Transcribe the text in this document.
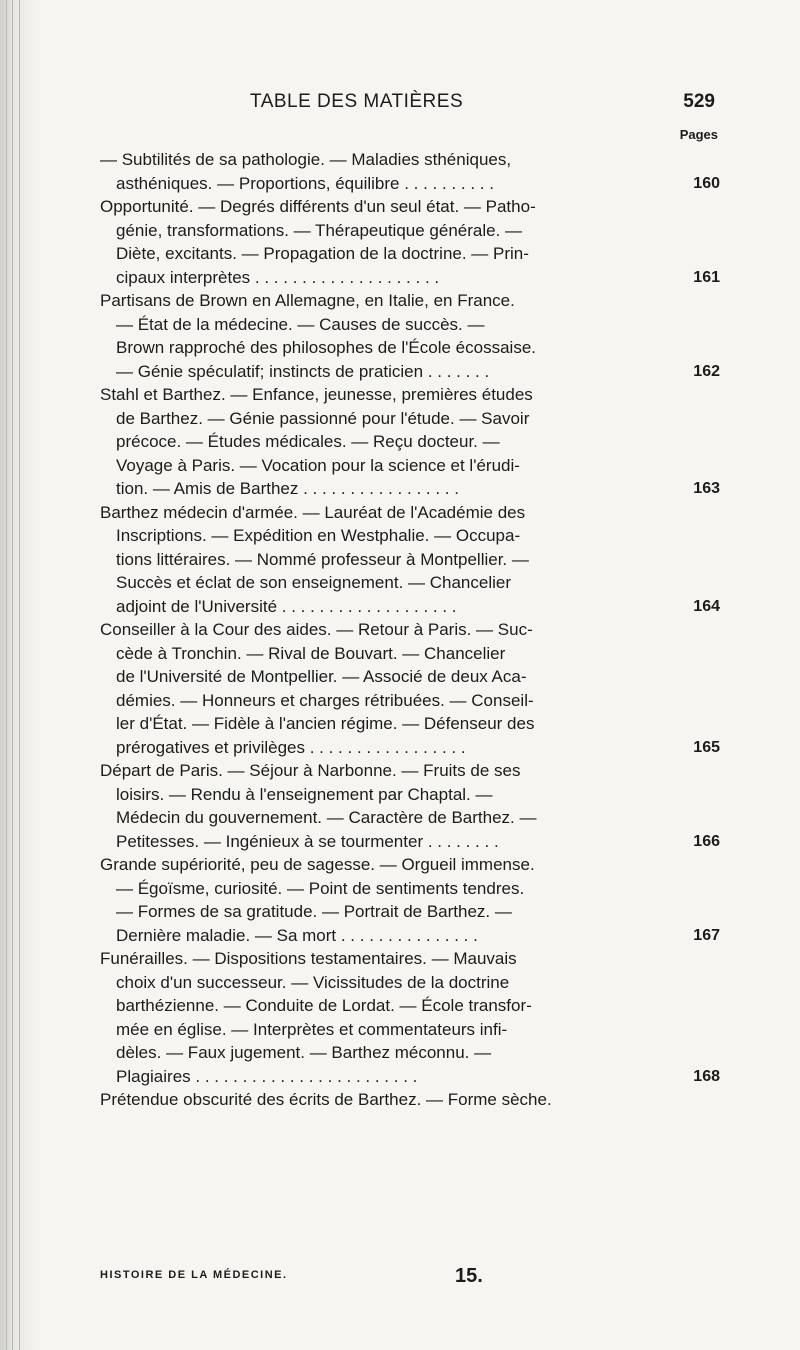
TABLE DES MATIÈRES	529
Pages
— Subtilités de sa pathologie. — Maladies sthéniques,
asthéniques. — Proportions, équilibre . . . . . . . . . .	160
Opportunité. — Degrés différents d'un seul état. — Patho-
génie, transformations. — Thérapeutique générale. —
Diète, excitants. — Propagation de la doctrine. — Prin-
cipaux interprètes . . . . . . . . . . . . . . . . . . . .	161
Partisans de Brown en Allemagne, en Italie, en France.
— État de la médecine. — Causes de succès. —
Brown rapproché des philosophes de l'École écossaise.
— Génie spéculatif; instincts de praticien . . . . . . .	162
Stahl et Barthez. — Enfance, jeunesse, premières études
de Barthez. — Génie passionné pour l'étude. — Savoir
précoce. — Études médicales. — Reçu docteur. —
Voyage à Paris. — Vocation pour la science et l'érudi-
tion. — Amis de Barthez . . . . . . . . . . . . . . . . .	163
Barthez médecin d'armée. — Lauréat de l'Académie des
Inscriptions. — Expédition en Westphalie. — Occupa-
tions littéraires. — Nommé professeur à Montpellier. —
Succès et éclat de son enseignement. — Chancelier
adjoint de l'Université . . . . . . . . . . . . . . . . . . .	164
Conseiller à la Cour des aides. — Retour à Paris. — Suc-
cède à Tronchin. — Rival de Bouvart. — Chancelier
de l'Université de Montpellier. — Associé de deux Aca-
démies. — Honneurs et charges rétribuées. — Conseil-
ler d'État. — Fidèle à l'ancien régime. — Défenseur des
prérogatives et privilèges . . . . . . . . . . . . . . . . .	165
Départ de Paris. — Séjour à Narbonne. — Fruits de ses
loisirs. — Rendu à l'enseignement par Chaptal. —
Médecin du gouvernement. — Caractère de Barthez. —
Petitesses. — Ingénieux à se tourmenter . . . . . . . .	166
Grande supériorité, peu de sagesse. — Orgueil immense.
— Égoïsme, curiosité. — Point de sentiments tendres.
— Formes de sa gratitude. — Portrait de Barthez. —
Dernière maladie. — Sa mort . . . . . . . . . . . . . . .	167
Funérailles. — Dispositions testamentaires. — Mauvais
choix d'un successeur. — Vicissitudes de la doctrine
barthézienne. — Conduite de Lordat. — École transfor-
mée en église. — Interprètes et commentateurs infi-
dèles. — Faux jugement. — Barthez méconnu. —
Plagiaires . . . . . . . . . . . . . . . . . . . . . . . .	168
Prétendue obscurité des écrits de Barthez. — Forme sèche.
HISTOIRE DE LA MÉDECINE.	15.
